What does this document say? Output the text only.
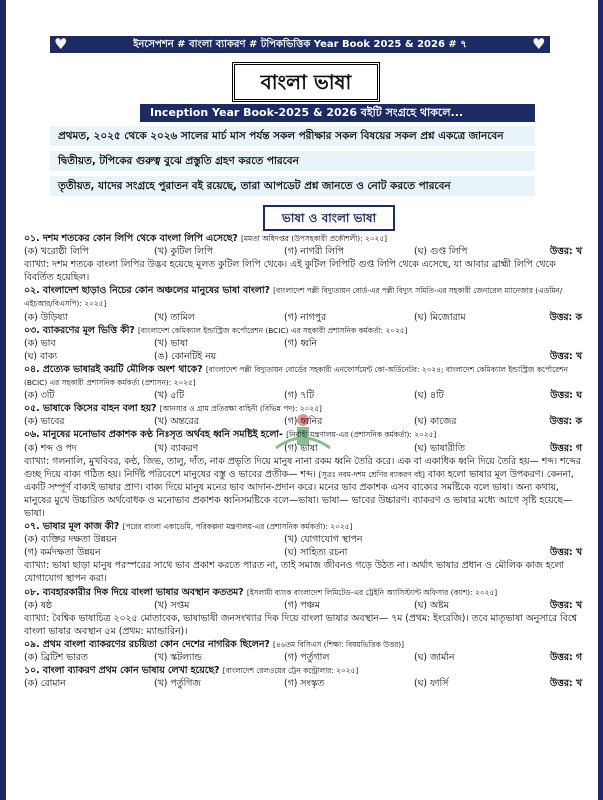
ইনসেপশন # বাংলা ব্যাকরণ # টপিকভিত্তিক Year Book 2025 & 2026 # ৭
♥	♥
বাংলা ভাষা
Inception Year Book-2025 & 2026 বইটি সংগ্রহে থাকলে...
প্রথমত, ২০২৫ থেকে ২০২৬ সালের মার্চ মাস পর্যন্ত সকল পরীক্ষার সকল বিষয়ের সকল প্রশ্ন একত্রে জানবেন
দ্বিতীয়ত, টপিকের গুরুত্ব বুঝে প্রস্তুতি গ্রহণ করতে পারবেন
তৃতীয়ত, যাদের সংগ্রহে পুরাতন বই রয়েছে, তারা আপডেট প্রশ্ন জানতে ও নোট করতে পারবেন
ভাষা ও বাংলা ভাষা
০১. দশম শতকের কোন লিপি থেকে বাংলা লিপি এসেছে? [মমতা অধিদপ্তর (উপসহকারী প্রকৌশলী): ২০২৫]
(ক) খরোষ্ঠী লিপি	(খ) কুটিল লিপি	(গ) নাগরী লিপি	(ঘ) গুপ্ত লিপি	উত্তর: খ
ব্যাখ্যা: দশম শতকে বাংলা লিপির উদ্ভব হয়েছে মূলত কুটিল লিপি থেকে। এই কুটিল লিপিটি গুপ্ত লিপি থেকে এসেছে, যা আবার ব্রাহ্মী লিপি থেকে বিবর্তিত হয়েছিল।
০২. বাংলাদেশ ছাড়াও নিচের কোন অঞ্চলের মানুষের ভাষা বাংলা? [বাংলাদেশ পল্লী বিদ্যুতায়ন বোর্ড-এর পল্লী বিদ্যুৎ সমিতি-এর সহকারী জেনারেল ম্যানেজার (এডমিন/এইচআর/বিএসপি): ২০২৫]
(ক) উড়িষ্যা	(খ) তামিল	(গ) নাগপুর	(ঘ) মিজোরাম	উত্তর: ক
০৩. ব্যাকরণের মূল ভিত্তি কী? [বাংলাদেশ কেমিক্যাল ইন্ডাস্ট্রিজ কর্পোরেশন (BCIC) এর সহকারী প্রশাসনিক কর্মকর্তা: ২০২৫]
(ক) ভাব	(খ) ভাষা	(গ) ধ্বনি
(ঘ) বাক্য	(ঙ) কোনটিই নয়	উত্তর: খ
০৪. প্রত্যেক ভাষারই কয়টি মৌলিক অংশ থাকে? [বাংলাদেশ পল্লী বিদ্যুতায়ন বোর্ডের সহকারী এনফোর্সমেন্ট কো-অর্ডিনেটর: ২০২৪; বাংলাদেশ কেমিক্যাল ইন্ডাস্ট্রিজ কর্পোরেশন (BCIC) এর সহকারী প্রশাসনিক কর্মকর্তা (প্রশাসন): ২০২৫]
(ক) ৩টি	(খ) ৫টি	(গ) ৭টি	(ঘ) ৪টি	উত্তর: ঘ
০৫. ভাষাকে কিসের বাহন বলা হয়? [আনসার ও গ্রাম প্রতিরক্ষা বাহিনী (বিভিন্ন পদ): ২০২৫]
(ক) ভাবের	(খ) অন্তরের	(গ) ধ্বনির	(ঘ) কাজের	উত্তর: ক
০৬. মানুষের মনোভাব প্রকাশক কণ্ঠ নিঃসৃত অর্থবহ ধ্বনি সমষ্টিই হলো- [নির্বাহী মন্ত্রণালয়-এর (প্রশাসনিক কর্মকর্তা): ২০২৫]
(ক) শব্দ ও পদ	(খ) ব্যাকরণ	(গ) ভাষা	(ঘ) ভাষারীতি	উত্তর: গ
ব্যাখ্যা: গলনালি, মুখবিবর, কণ্ঠ, জিভ, তালু, দাঁত, নাক প্রভৃতি দিয়ে মানুষ নানা রকম ধ্বনি তৈরি করে। এক বা একাধিক ধ্বনি দিয়ে তৈরি হয়— শব্দ। শব্দের গুচ্ছ দিয়ে বাক্য গঠিত হয়। নির্দিষ্ট পরিবেশে মানুষের বস্তু ও ভাবের প্রতীক— শব্দ। [সূত্রঃ নবম-দশম শ্রেণির ব্যাকরণ বই] বাক্য হলো ভাষার মূল উপকরণ। কেননা, একটি সম্পূর্ণ বাক্যই ভাষার প্রাণ। বাক্য দিয়ে মানুষ মনের ভাব আদান-প্রদান করে। মনের ভাব প্রকাশক এসব বাক্যের সমষ্টিকে বলে ভাষা। অন্য কথায়, মানুষের মুখে উচ্চারিত অর্থবোধক ও মনোভাব প্রকাশক ধ্বনিসমষ্টিকে বলে—ভাষা। ভাষা— ভাবের উচ্চারণ। ব্যাকরণ ও ভাষার মধ্যে আগে সৃষ্টি হয়েছে— ভাষা।
০৭. ভাষার মূল কাজ কী? [পরের বাংলা একাডেমি, পরিকল্পনা মন্ত্রণালয়-এর (প্রশাসনিক কর্মকর্তা): ২০২৫]
(ক) ব্যক্তির দক্ষতা উন্নয়ন	(খ) যোগাযোগ স্থাপন
(গ) কর্মদক্ষতা উন্নয়ন	(ঘ) সাহিত্য রচনা	উত্তর: খ
ব্যাখ্যা: ভাষা ছাড়া মানুষ পরস্পরের সাথে ভাব প্রকাশ করতে পারত না, তাই সমাজ জীবনও গড়ে উঠত না। অর্থাৎ ভাষার প্রধান ও মৌলিক কাজ হলো যোগাযোগ স্থাপন করা।
০৮. ব্যবহারকারীর দিক দিয়ে বাংলা ভাষার অবস্থান কততম? [ইসলামী ব্যাংক বাংলাদেশ লিমিটেড-এর ট্রেইনি অ্যাসিস্ট্যান্ট অফিসার (ক্যাশ): ২০২৫]
(ক) ষষ্ঠ	(খ) সপ্তম	(গ) পঞ্চম	(ঘ) অষ্টম	উত্তর: খ
ব্যাখ্যা: বৈশ্বিক ভাষাচিত্র ২০২৫ মোতাবেক, ভাষাভাষী জনসংখ্যার দিক দিয়ে বাংলা ভাষার অবস্থান— ৭ম (প্রথম: ইংরেজি)। তবে মাতৃভাষা অনুসারে বিশ্বে বাংলা ভাষার অবস্থান ৫ম (প্রথম: ম্যান্ডারিন)।
০৯. প্রথম বাংলা ব্যাকরণের রচয়িতা কোন দেশের নাগরিক ছিলেন? [৪৬তম বিসিএস (শিক্ষা: বিষয়ভিত্তিক উত্তর)]
(ক) ব্রিটিশ ভারত	(খ) স্কটল্যান্ড	(গ) পর্তুগাল	(ঘ) জার্মান	উত্তর: গ
১০. বাংলা ব্যাকরণ প্রথম কোন ভাষায় লেখা হয়েছে? [বাংলাদেশ রেলওয়ের ট্রেন কন্ট্রোলার: ২০২৫]
(ক) রোমান	(খ) পর্তুগিজ	(গ) সংস্কৃত	(ঘ) ফার্সি	উত্তর: খ
